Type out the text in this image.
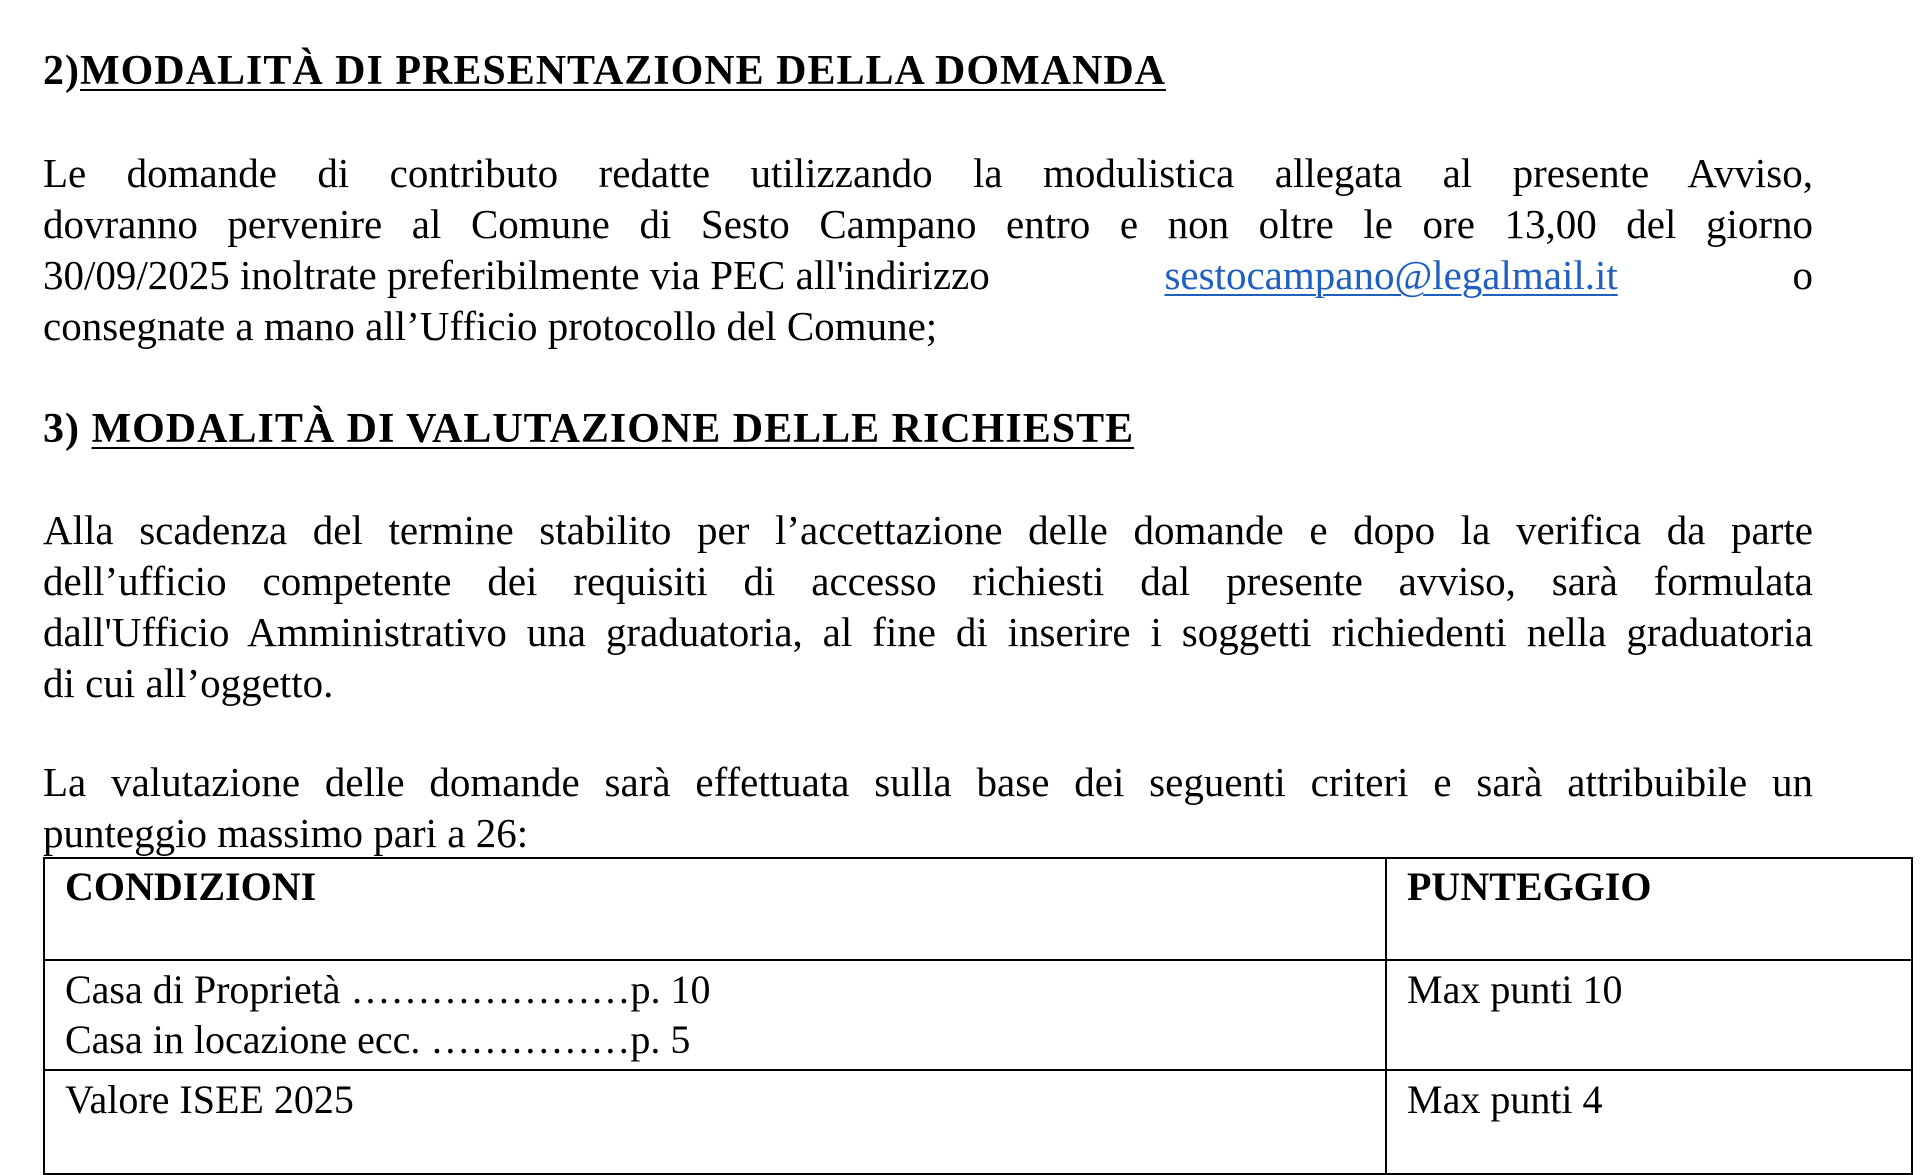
2)MODALITÀ DI PRESENTAZIONE DELLA DOMANDA
Le domande di contributo redatte utilizzando la modulistica allegata al presente Avviso,
dovranno pervenire al Comune di Sesto Campano entro e non oltre le ore 13,00 del giorno
30/09/2025 inoltrate preferibilmente via PEC all'indirizzo	sestocampano@legalmail.it	o
consegnate a mano all’Ufficio protocollo del Comune;
3) MODALITÀ DI VALUTAZIONE DELLE RICHIESTE
Alla scadenza del termine stabilito per l’accettazione delle domande e dopo la verifica da parte
dell’ufficio competente dei requisiti di accesso richiesti dal presente avviso, sarà formulata
dall'Ufficio Amministrativo una graduatoria, al fine di inserire i soggetti richiedenti nella graduatoria
di cui all’oggetto.
La valutazione delle domande sarà effettuata sulla base dei seguenti criteri e sarà attribuibile un
punteggio massimo pari a 26:
CONDIZIONI	PUNTEGGIO

Casa di Proprietà …………………p. 10
Casa in locazione ecc. ……………p. 5	Max punti 10

Valore ISEE 2025	Max punti 4
